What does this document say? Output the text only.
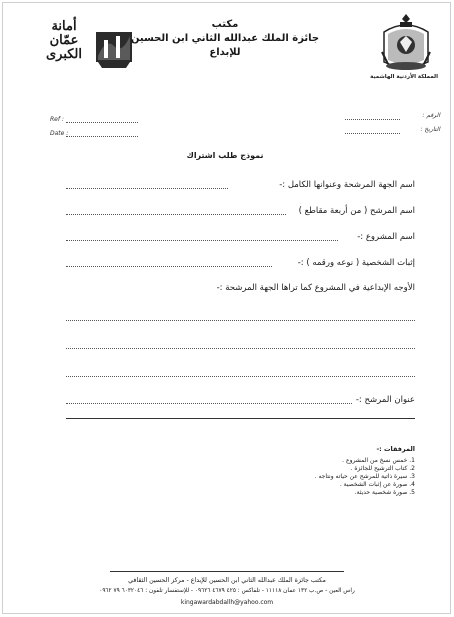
المملكة الأردنية الهاشمية
أمانة
عمّان
الكبرى
مكتب
جائزة الملك عبدالله الثاني ابن الحسين للإبداع
الرقم :
التاريخ :
Ref :
Date :
نموذج طلب اشتراك
اسم الجهة المرشحة وعنوانها الكامل :-
اسم المرشح ( من أربعة مقاطع )
اسم المشروع :-
إثبات الشخصية ( نوعه ورقمه ) :-
الأوجه الإبداعية في المشروع كما تراها الجهة المرشحة :-
عنوان المرشح :-
المرفقات :-
1. خمس نسخ من المشروع .
2. كتاب الترشيح للجائزة .
3. سيرة ذاتية للمرشح عن حياته ونتاجه .
4. صورة عن إثبات الشخصية .
5. صورة شخصية حديثة.
مكتب جائزة الملك عبدالله الثاني ابن الحسين للإبداع - مركز الحسين الثقافي
راس العين - ص.ب ١٣٢ عمان ١١١١٨ - تلفاكس : ٤٢٥ ٤٦٧٩ ٠٩٦٢٦ - للإستفسار تلفون : ٦٠٣٢٠٤٦ ٧٩ ٠٩٦٢
kingawardabdallh@yahoo.com
